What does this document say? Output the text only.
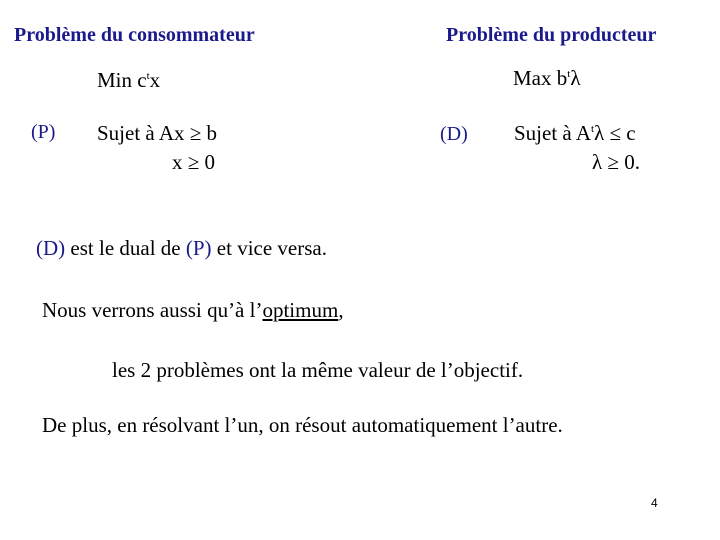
Problème du consommateur	Problème du producteur
Min $c^tx$
(P) Sujet à Ax ≥ b
x ≥ 0
Max $b^t\lambda$
(D) Sujet à $A^t\lambda \le c$
λ ≥ 0.
(D) est le dual de (P) et vice versa.
Nous verrons aussi qu’à l’optimum,
les 2 problèmes ont la même valeur de l’objectif.
De plus, en résolvant l’un, on résout automatiquement l’autre.
4
